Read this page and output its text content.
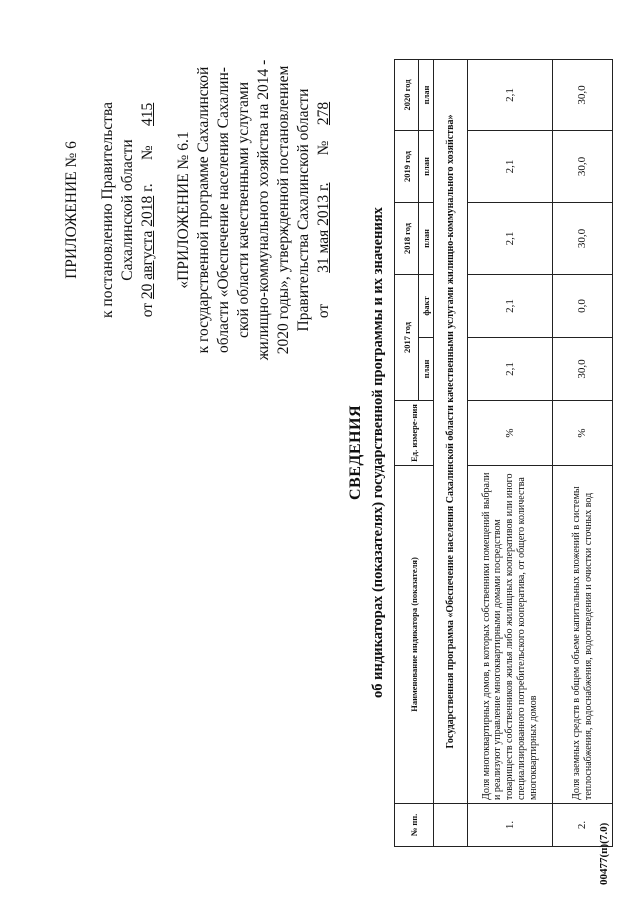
ПРИЛОЖЕНИЕ № 6 к постановлению Правительства Сахалинской области
от 20 августа 2018 г.      №     415
«ПРИЛОЖЕНИЕ № 6.1 к государственной программе Сахалинской области «Обеспечение населения Сахалин- ской области качественными услугами жилищно-коммунального хозяйства на 2014 - 2020 годы», утвержденной постановлением Правительства Сахалинской области от        31 мая 2013 г.       №    278
СВЕДЕНИЯ об индикаторах (показателях) государственной программы и их значениях
№ пп.	Наименование индикатора (показателя)	Ед. измере-ния	2017 год		2018 год	2019 год	2020 год
			план	факт	план	план	план
	Государственная программа «Обеспечение населения Сахалинской области качественными услугами жилищно-коммунального хозяйства»						
1.	Доля многоквартирных домов, в которых собственники помещений выбрали и реализуют управление многоквартирными домами посредством товариществ собственников жилья либо жилищных кооперативов или иного специализированного потребительского кооператива, от общего количества многоквартирных домов	%	2,1	2,1	2,1	2,1	2,1
2.	Доля заемных средств в общем объеме капитальных вложений в системы теплоснабжения, водоснабжения, водоотведения и очистки сточных вод	%	30,0	0,0	30,0	30,0	30,0
00477(п)(7.0)
